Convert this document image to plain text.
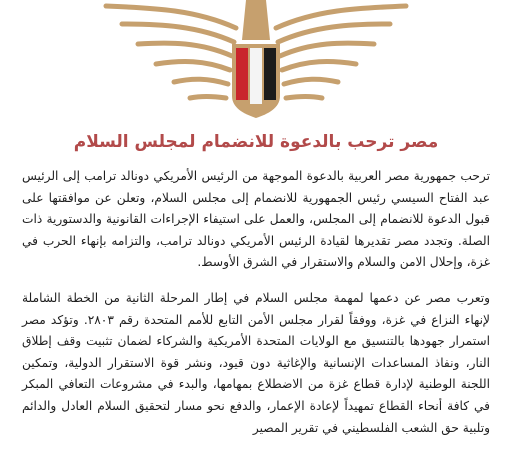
مصر ترحب بالدعوة للانضمام لمجلس السلام

ترحب جمهورية مصر العربية بالدعوة الموجهة من الرئيس الأمريكي دونالد ترامب إلى الرئيس عبد الفتاح السيسي رئيس الجمهورية للانضمام إلى مجلس السلام، وتعلن عن موافقتها على قبول الدعوة للانضمام إلى المجلس، والعمل على استيفاء الإجراءات القانونية والدستورية ذات الصلة. وتجدد مصر تقديرها لقيادة الرئيس الأمريكي دونالد ترامب، والتزامه بإنهاء الحرب في غزة، وإحلال الامن والسلام والاستقرار في الشرق الأوسط.

وتعرب مصر عن دعمها لمهمة مجلس السلام في إطار المرحلة الثانية من الخطة الشاملة لإنهاء النزاع في غزة، ووفقاً لقرار مجلس الأمن التابع للأمم المتحدة رقم ٢٨٠٣. وتؤكد مصر استمرار جهودها بالتنسيق مع الولايات المتحدة الأمريكية والشركاء لضمان تثبيت وقف إطلاق النار، ونفاذ المساعدات الإنسانية والإغاثية دون قيود، ونشر قوة الاستقرار الدولية، وتمكين اللجنة الوطنية لإدارة قطاع غزة من الاضطلاع بمهامها، والبدء في مشروعات التعافي المبكر في كافة أنحاء القطاع تمهيداً لإعادة الإعمار، والدفع نحو مسار لتحقيق السلام العادل والدائم وتلبية حق الشعب الفلسطيني في تقرير المصير
